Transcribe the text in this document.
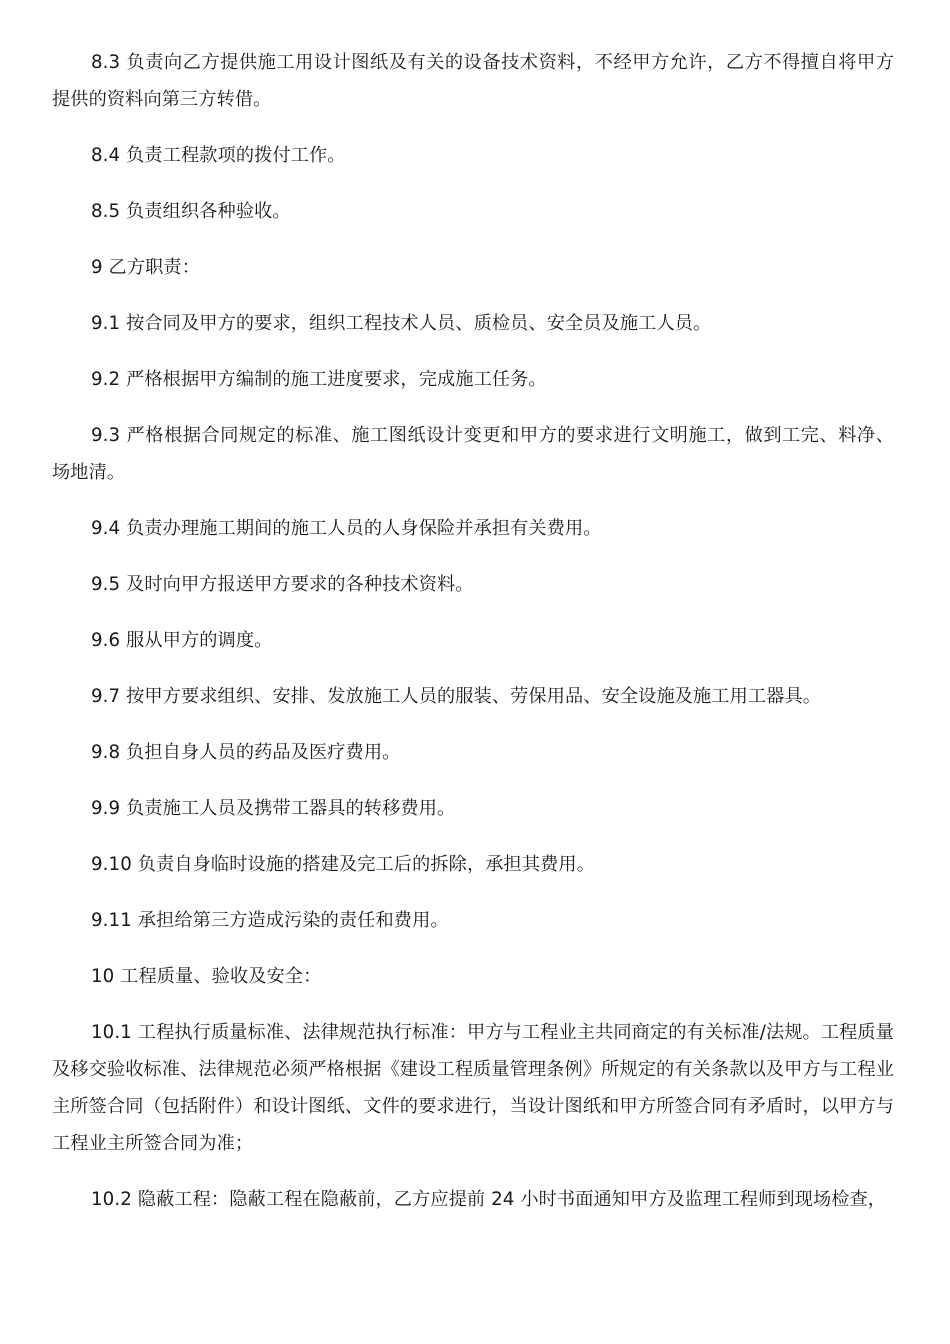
8.3 负责向乙方提供施工用设计图纸及有关的设备技术资料，不经甲方允许，乙方不得擅自将甲方提供的资料向第三方转借。

8.4 负责工程款项的拨付工作。

8.5 负责组织各种验收。

9 乙方职责：

9.1 按合同及甲方的要求，组织工程技术人员、质检员、安全员及施工人员。

9.2 严格根据甲方编制的施工进度要求，完成施工任务。

9.3 严格根据合同规定的标准、施工图纸设计变更和甲方的要求进行文明施工，做到工完、料净、场地清。

9.4 负责办理施工期间的施工人员的人身保险并承担有关费用。

9.5 及时向甲方报送甲方要求的各种技术资料。

9.6 服从甲方的调度。

9.7 按甲方要求组织、安排、发放施工人员的服装、劳保用品、安全设施及施工用工器具。

9.8 负担自身人员的药品及医疗费用。

9.9 负责施工人员及携带工器具的转移费用。

9.10 负责自身临时设施的搭建及完工后的拆除，承担其费用。

9.11 承担给第三方造成污染的责任和费用。

10 工程质量、验收及安全：

10.1 工程执行质量标准、法律规范执行标准：甲方与工程业主共同商定的有关标准/法规。工程质量及移交验收标准、法律规范必须严格根据《建设工程质量管理条例》所规定的有关条款以及甲方与工程业主所签合同（包括附件）和设计图纸、文件的要求进行，当设计图纸和甲方所签合同有矛盾时，以甲方与工程业主所签合同为准；

10.2 隐蔽工程：隐蔽工程在隐蔽前，乙方应提前 24 小时书面通知甲方及监理工程师到现场检查，
